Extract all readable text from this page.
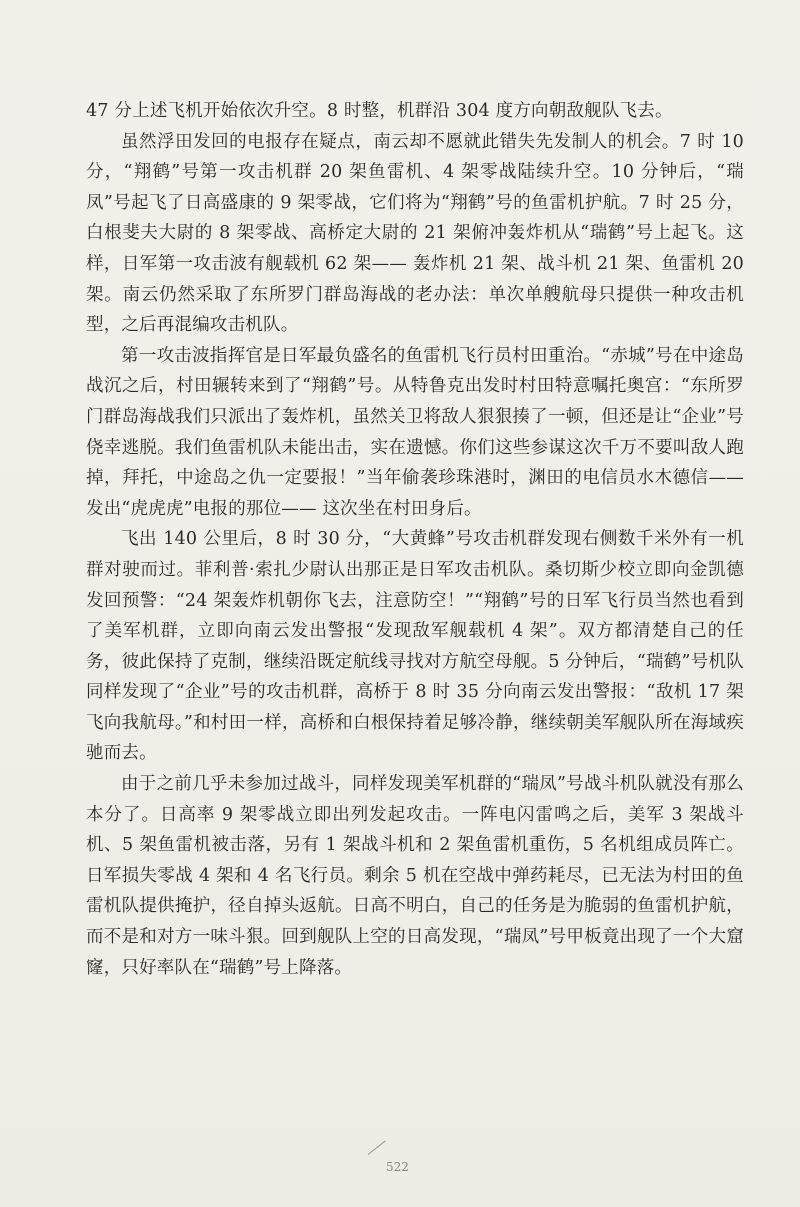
47 分上述飞机开始依次升空。8 时整，机群沿 304 度方向朝敌舰队飞去。

虽然浮田发回的电报存在疑点，南云却不愿就此错失先发制人的机会。7 时 10 分，“翔鹤”号第一攻击机群 20 架鱼雷机、4 架零战陆续升空。10 分钟后，“瑞凤”号起飞了日高盛康的 9 架零战，它们将为“翔鹤”号的鱼雷机护航。7 时 25 分，白根斐夫大尉的 8 架零战、高桥定大尉的 21 架俯冲轰炸机从“瑞鹤”号上起飞。这样，日军第一攻击波有舰载机 62 架—— 轰炸机 21 架、战斗机 21 架、鱼雷机 20 架。南云仍然采取了东所罗门群岛海战的老办法：单次单艘航母只提供一种攻击机型，之后再混编攻击机队。

第一攻击波指挥官是日军最负盛名的鱼雷机飞行员村田重治。“赤城”号在中途岛战沉之后，村田辗转来到了“翔鹤”号。从特鲁克出发时村田特意嘱托奥宫：“东所罗门群岛海战我们只派出了轰炸机，虽然关卫将敌人狠狠揍了一顿，但还是让“企业”号侥幸逃脱。我们鱼雷机队未能出击，实在遗憾。你们这些参谋这次千万不要叫敌人跑掉，拜托，中途岛之仇一定要报！”当年偷袭珍珠港时，渊田的电信员水木德信—— 发出“虎虎虎”电报的那位—— 这次坐在村田身后。

飞出 140 公里后，8 时 30 分，“大黄蜂”号攻击机群发现右侧数千米外有一机群对驶而过。菲利普·索扎少尉认出那正是日军攻击机队。桑切斯少校立即向金凯德发回预警：“24 架轰炸机朝你飞去，注意防空！”“翔鹤”号的日军飞行员当然也看到了美军机群，立即向南云发出警报“发现敌军舰载机 4 架”。双方都清楚自己的任务，彼此保持了克制，继续沿既定航线寻找对方航空母舰。5 分钟后，“瑞鹤”号机队同样发现了“企业”号的攻击机群，高桥于 8 时 35 分向南云发出警报：“敌机 17 架飞向我航母。”和村田一样，高桥和白根保持着足够冷静，继续朝美军舰队所在海域疾驰而去。

由于之前几乎未参加过战斗，同样发现美军机群的“瑞凤”号战斗机队就没有那么本分了。日高率 9 架零战立即出列发起攻击。一阵电闪雷鸣之后，美军 3 架战斗机、5 架鱼雷机被击落，另有 1 架战斗机和 2 架鱼雷机重伤，5 名机组成员阵亡。日军损失零战 4 架和 4 名飞行员。剩余 5 机在空战中弹药耗尽，已无法为村田的鱼雷机队提供掩护，径自掉头返航。日高不明白，自己的任务是为脆弱的鱼雷机护航，而不是和对方一味斗狠。回到舰队上空的日高发现，“瑞凤”号甲板竟出现了一个大窟窿，只好率队在“瑞鹤”号上降落。

522
